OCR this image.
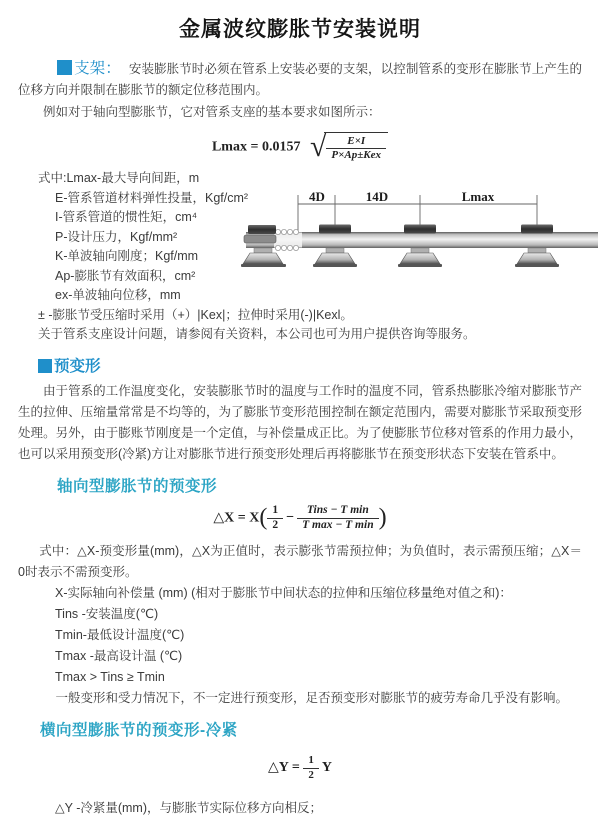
金属波纹膨胀节安装说明

支架： 安装膨胀节时必须在管系上安装必要的支架，以控制管系的变形在膨胀节上产生的位移方向并限制在膨胀节的额定位移范围内。

例如对于轴向型膨胀节，它对管系支座的基本要求如图所示：

Lmax = 0.0157 √ $\frac{E\times I}{\text{P×Ap±Kex}}$
式中:Lmax-最大导向间距，m
E-管系管道材料弹性投量，Kgf/cm²
I-管系管道的惯性矩，cm⁴
P-设计压力，Kgf/mm²
K-单波轴向刚度；Kgf/mm
Ap-膨胀节有效面积，cm²
ex-单波轴向位移，mm
± -膨胀节受压缩时采用（+）|Kex|；拉伸时采用(-)|Kexl。
关于管系支座设计问题，请参阅有关资料，本公司也可为用户提供咨询等服务。
4D	14D	Lmax
预变形

由于管系的工作温度变化，安装膨胀节时的温度与工作时的温度不同，管系热膨胀冷缩对膨胀节产生的拉伸、压缩量常常是不均等的，为了膨胀节变形范围控制在额定范围内，需要对膨胀节采取预变形处理。另外，由于膨账节刚度是一个定值，与补偿量成正比。为了使膨胀节位移对管系的作用力最小，也可以采用预变形(冷紧)方让对膨胀节进行预变形处理后再将膨胀节在预变形状态下安装在管系中。

轴向型膨胀节的预变形
△X = $X( \frac{1}{2} - \frac{\text{Tins − T min}}{\text{T max − T min}}$ )

式中：△X-预变形量(mm)，△X为正值时，表示膨张节需预拉伸；为负值时，表示需预压缩；△X＝0时表示不需预变形。

X-实际轴向补偿量 (mm) (相对于膨胀节中间状态的拉伸和压缩位移量绝对值之和)：
Tins -安装温度(℃)
Tmin-最低设计温度(℃)
Tmax -最高设计温 (℃)
Tmax > Tins ≥ Tmin

一般变形和受力情况下，不一定进行预变形，足否预变形对膨胀节的疲劳寿命几乎没有影响。

横向型膨胀节的预变形-冷紧
△Y = $\frac{1}{2}$ Y

△Y -冷紧量(mm)，与膨胀节实际位移方向相反；
